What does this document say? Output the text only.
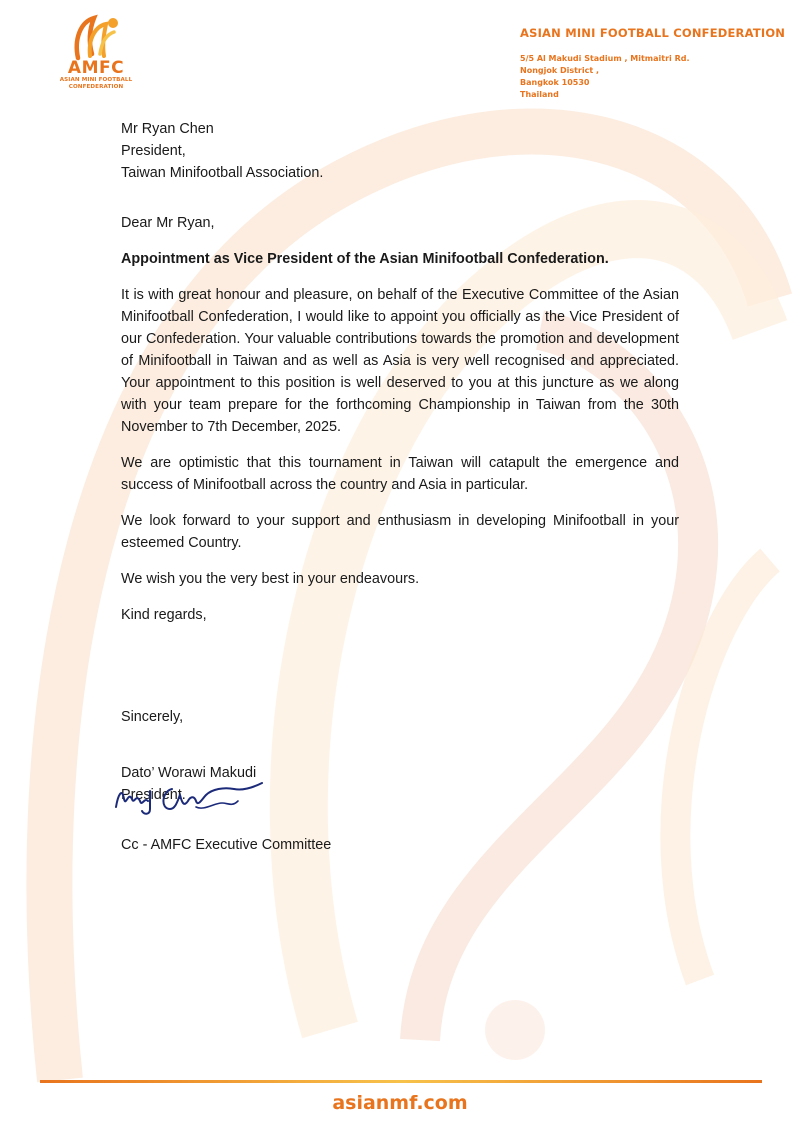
AMFC
ASIAN MINI FOOTBALL
CONFEDERATION
ASIAN MINI FOOTBALL CONFEDERATION
5/5 Al Makudi Stadium , Mitmaitri Rd.
Nongjok District ,
Bangkok 10530
Thailand

Mr Ryan Chen

President,

Taiwan Minifootball Association.

Dear Mr Ryan,

Appointment as Vice President of the Asian Minifootball Confederation.

It is with great honour and pleasure, on behalf of the Executive Committee of the Asian Minifootball Confederation, I would like to appoint you officially as the Vice President of our Confederation. Your valuable contributions towards the promotion and development of Minifootball in Taiwan and as well as Asia is very well recognised and appreciated. Your appointment to this position is well deserved to you at this juncture as we along with your team prepare for the forthcoming Championship in Taiwan from the 30th November to 7th December, 2025.

We are optimistic that this tournament in Taiwan will catapult the emergence and success of Minifootball across the country and Asia in particular.

We look forward to your support and enthusiasm in developing Minifootball in your esteemed Country.

We wish you the very best in your endeavours.

Kind regards,

Sincerely,

Dato’ Worawi Makudi

President.

Cc - AMFC Executive Committee

asianmf.com
